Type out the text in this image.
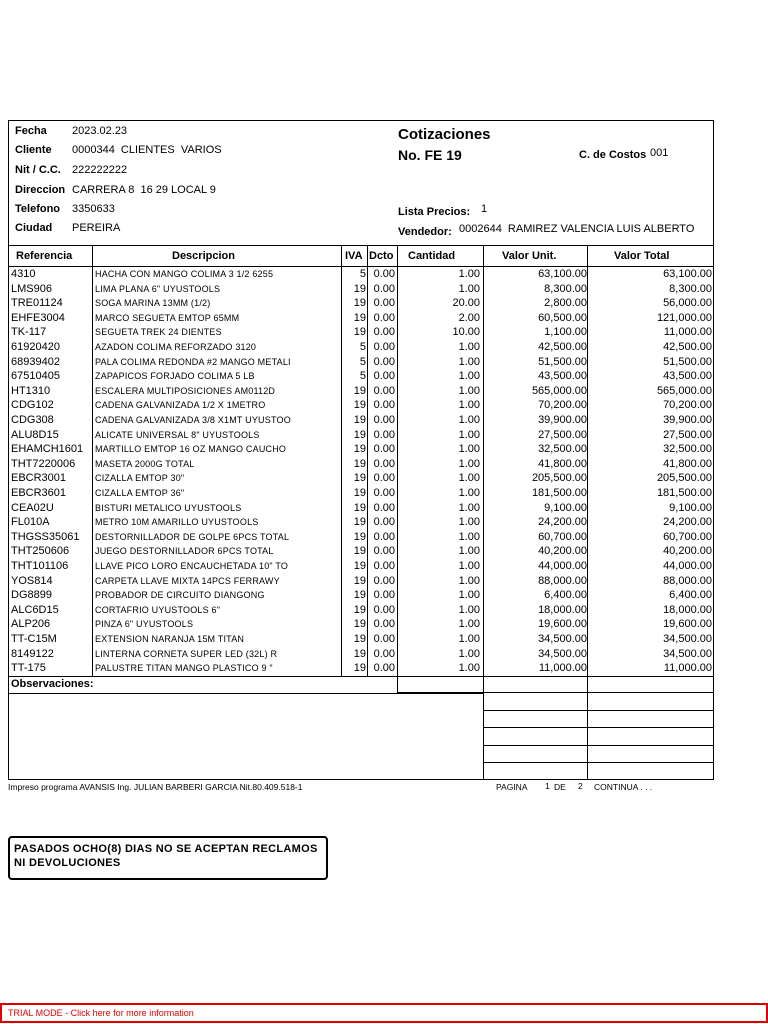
Fecha 2023.02.23
Cliente 0000344  CLIENTES  VARIOS
Nit / C.C. 222222222
Direccion CARRERA 8  16 29 LOCAL 9
Telefono 3350633
Ciudad PEREIRA
Cotizaciones
No. FE 19	C. de Costos 001
Lista Precios: 1
Vendedor: 0002644  RAMIREZ VALENCIA LUIS ALBERTO
Referencia	Descripcion	IVA Dcto Cantidad	Valor Unit.	Valor Total
4310	HACHA CON MANGO COLIMA 3 1/2 6255	5 0.00	1.00	63,100.00	63,100.00
LMS906	LIMA PLANA 6" UYUSTOOLS	19 0.00	1.00	8,300.00	8,300.00
TRE01124	SOGA MARINA 13MM (1/2)	19 0.00	20.00	2,800.00	56,000.00
EHFE3004	MARCO SEGUETA EMTOP 65MM	19 0.00	2.00	60,500.00	121,000.00
TK-117	SEGUETA TREK 24 DIENTES	19 0.00	10.00	1,100.00	11,000.00
61920420	AZADON COLIMA REFORZADO 3120	5 0.00	1.00	42,500.00	42,500.00
68939402	PALA COLIMA REDONDA #2 MANGO METALI	5 0.00	1.00	51,500.00	51,500.00
67510405	ZAPAPICOS FORJADO COLIMA 5 LB	5 0.00	1.00	43,500.00	43,500.00
HT1310	ESCALERA MULTIPOSICIONES AM0112D	19 0.00	1.00	565,000.00	565,000.00
CDG102	CADENA GALVANIZADA 1/2 X 1METRO	19 0.00	1.00	70,200.00	70,200.00
CDG308	CADENA GALVANIZADA 3/8 X1MT UYUSTOO	19 0.00	1.00	39,900.00	39,900.00
ALU8D15	ALICATE UNIVERSAL 8" UYUSTOOLS	19 0.00	1.00	27,500.00	27,500.00
EHAMCH1601	MARTILLO EMTOP 16 OZ MANGO CAUCHO	19 0.00	1.00	32,500.00	32,500.00
THT7220006	MASETA 2000G TOTAL	19 0.00	1.00	41,800.00	41,800.00
EBCR3001	CIZALLA EMTOP 30"	19 0.00	1.00	205,500.00	205,500.00
EBCR3601	CIZALLA EMTOP 36"	19 0.00	1.00	181,500.00	181,500.00
CEA02U	BISTURI METALICO UYUSTOOLS	19 0.00	1.00	9,100.00	9,100.00
FL010A	METRO 10M AMARILLO UYUSTOOLS	19 0.00	1.00	24,200.00	24,200.00
THGSS35061	DESTORNILLADOR DE GOLPE 6PCS TOTAL	19 0.00	1.00	60,700.00	60,700.00
THT250606	JUEGO DESTORNILLADOR 6PCS TOTAL	19 0.00	1.00	40,200.00	40,200.00
THT101106	LLAVE PICO LORO ENCAUCHETADA 10" TO	19 0.00	1.00	44,000.00	44,000.00
YOS814	CARPETA LLAVE MIXTA 14PCS FERRAWY	19 0.00	1.00	88,000.00	88,000.00
DG8899	PROBADOR DE CIRCUITO DIANGONG	19 0.00	1.00	6,400.00	6,400.00
ALC6D15	CORTAFRIO UYUSTOOLS 6"	19 0.00	1.00	18,000.00	18,000.00
ALP206	PINZA 6" UYUSTOOLS	19 0.00	1.00	19,600.00	19,600.00
TT-C15M	EXTENSION NARANJA 15M TITAN	19 0.00	1.00	34,500.00	34,500.00
8149122	LINTERNA CORNETA SUPER LED (32L) R	19 0.00	1.00	34,500.00	34,500.00
TT-175	PALUSTRE TITAN MANGO PLASTICO 9 "	19 0.00	1.00	11,000.00	11,000.00
Observaciones:
Impreso programa AVANSIS Ing. JULIAN BARBERI GARCIA Nit.80.409.518-1	PAGINA 1 DE 2 CONTINUA . . .
PASADOS OCHO(8) DIAS NO SE ACEPTAN RECLAMOS
NI DEVOLUCIONES
TRIAL MODE - Click here for more information
